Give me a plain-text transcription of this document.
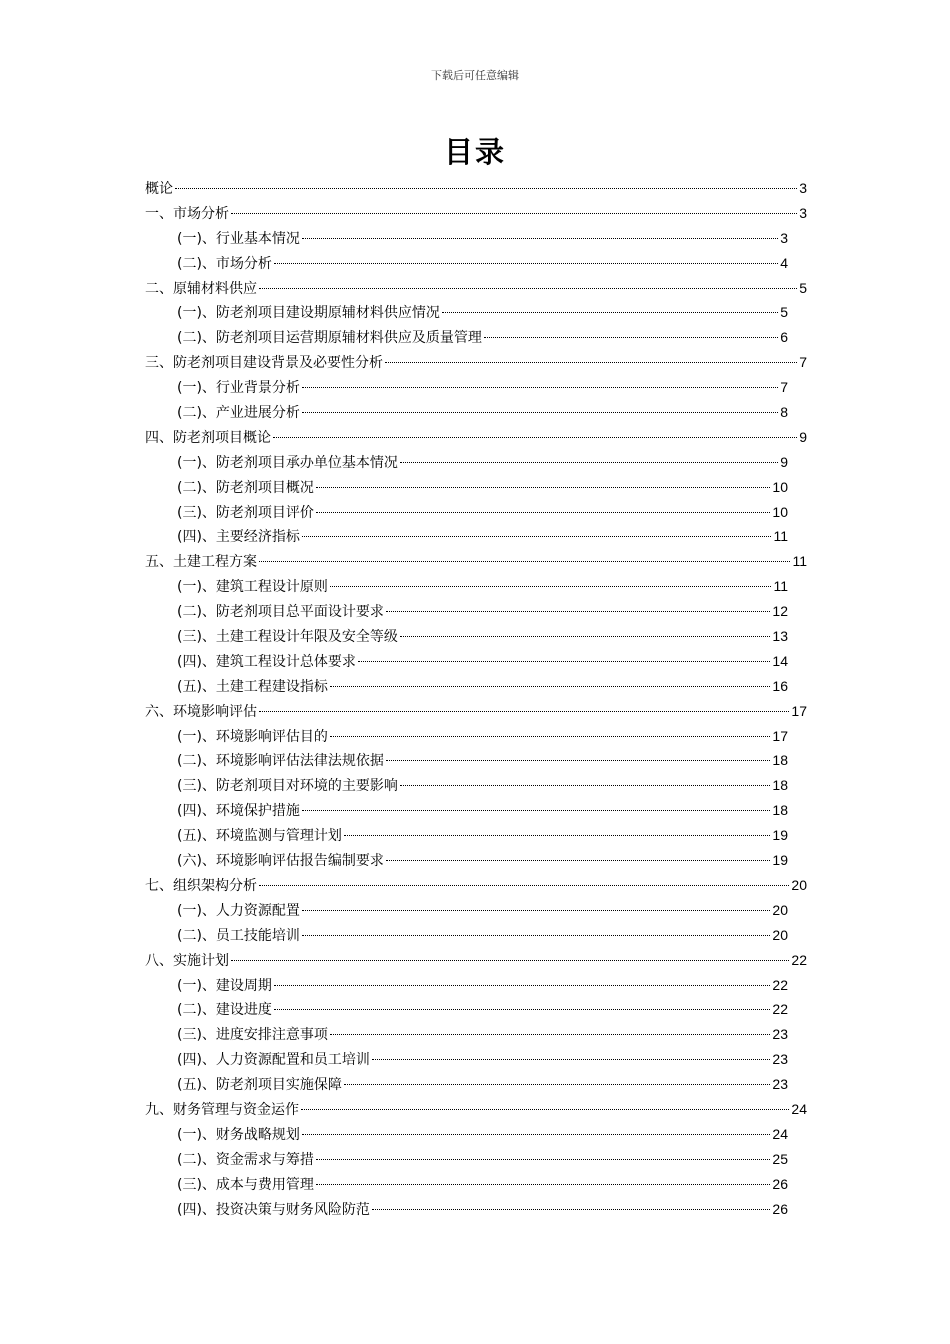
下载后可任意编辑
目录
概论	3
一、市场分析	3
(一)、行业基本情况	3
(二)、市场分析	4
二、原辅材料供应	5
(一)、防老剂项目建设期原辅材料供应情况	5
(二)、防老剂项目运营期原辅材料供应及质量管理	6
三、防老剂项目建设背景及必要性分析	7
(一)、行业背景分析	7
(二)、产业进展分析	8
四、防老剂项目概论	9
(一)、防老剂项目承办单位基本情况	9
(二)、防老剂项目概况	10
(三)、防老剂项目评价	10
(四)、主要经济指标	11
五、土建工程方案	11
(一)、建筑工程设计原则	11
(二)、防老剂项目总平面设计要求	12
(三)、土建工程设计年限及安全等级	13
(四)、建筑工程设计总体要求	14
(五)、土建工程建设指标	16
六、环境影响评估	17
(一)、环境影响评估目的	17
(二)、环境影响评估法律法规依据	18
(三)、防老剂项目对环境的主要影响	18
(四)、环境保护措施	18
(五)、环境监测与管理计划	19
(六)、环境影响评估报告编制要求	19
七、组织架构分析	20
(一)、人力资源配置	20
(二)、员工技能培训	20
八、实施计划	22
(一)、建设周期	22
(二)、建设进度	22
(三)、进度安排注意事项	23
(四)、人力资源配置和员工培训	23
(五)、防老剂项目实施保障	23
九、财务管理与资金运作	24
(一)、财务战略规划	24
(二)、资金需求与筹措	25
(三)、成本与费用管理	26
(四)、投资决策与财务风险防范	26
